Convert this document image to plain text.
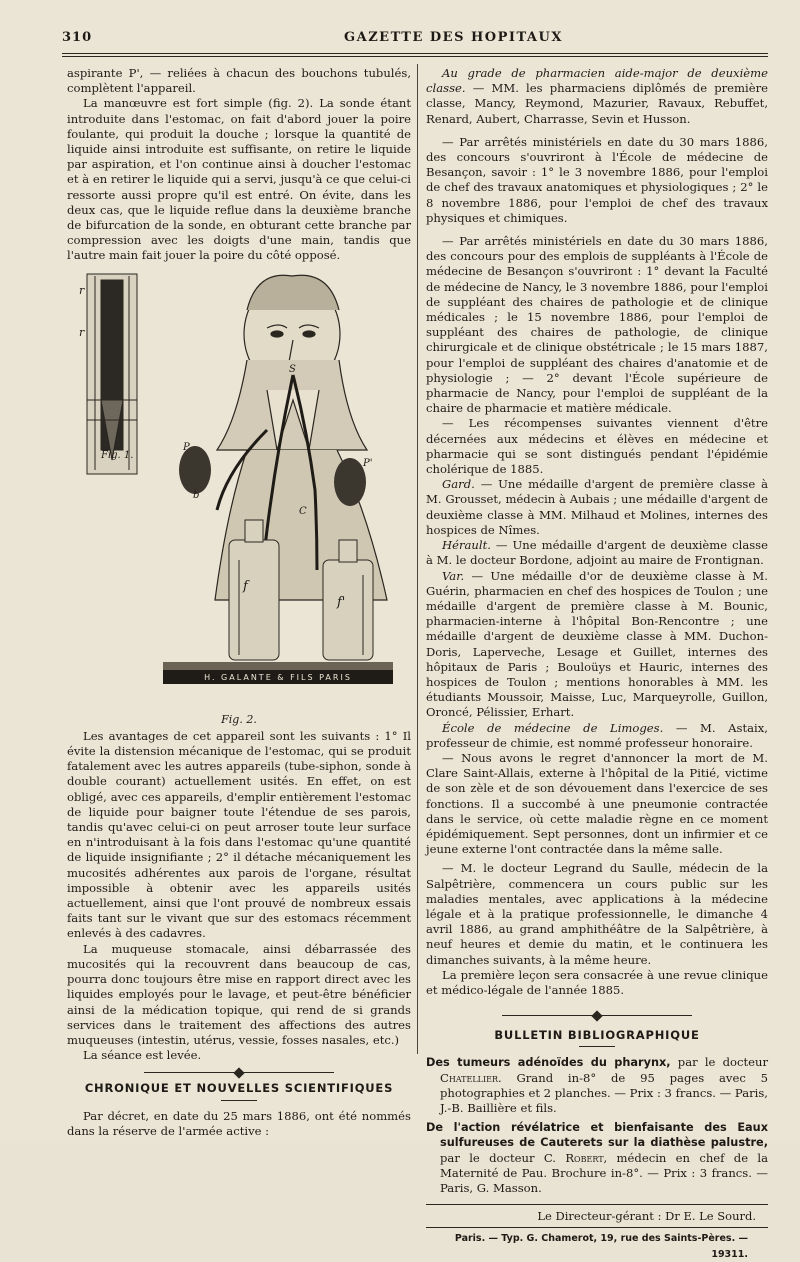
310	GAZETTE DES HOPITAUX

aspirante P', — reliées à chacun des bouchons tubulés, complètent l'appareil.

La manœuvre est fort simple (fig. 2). La sonde étant introduite dans l'estomac, on fait d'abord jouer la poire foulante, qui produit la douche ; lorsque la quantité de liquide ainsi introduite est suffisante, on retire le liquide par aspiration, et l'on continue ainsi à doucher l'estomac et à en retirer le liquide qui a servi, jusqu'à ce que celui-ci ressorte aussi propre qu'il est entré. On évite, dans les deux cas, que le liquide reflue dans la deuxième branche de bifurcation de la sonde, en obturant cette branche par compression avec les doigts d'une main, tandis que l'autre main fait jouer la poire du côté opposé.

r
r
Fig. 1.
S
P
P'
C
b
f
f'
H. GALANTE & FILS PARIS
Fig. 2.

Les avantages de cet appareil sont les suivants : 1° Il évite la distension mécanique de l'estomac, qui se produit fatalement avec les autres appareils (tube-siphon, sonde à double courant) actuellement usités. En effet, on est obligé, avec ces appareils, d'emplir entièrement l'estomac de liquide pour baigner toute l'étendue de ses parois, tandis qu'avec celui-ci on peut arroser toute leur surface en n'introduisant à la fois dans l'estomac qu'une quantité de liquide insignifiante ; 2° il détache mécaniquement les mucosités adhérentes aux parois de l'organe, résultat impossible à obtenir avec les appareils usités actuellement, ainsi que l'ont prouvé de nombreux essais faits tant sur le vivant que sur des estomacs récemment enlevés à des cadavres.

La muqueuse stomacale, ainsi débarrassée des mucosités qui la recouvrent dans beaucoup de cas, pourra donc toujours être mise en rapport direct avec les liquides employés pour le lavage, et peut-être bénéficier ainsi de la médication topique, qui rend de si grands services dans le traitement des affections des autres muqueuses (intestin, utérus, vessie, fosses nasales, etc.)

La séance est levée.

CHRONIQUE ET NOUVELLES SCIENTIFIQUES

Par décret, en date du 25 mars 1886, ont été nommés dans la réserve de l'armée active :

Au grade de pharmacien aide-major de deuxième classe. — MM. les pharmaciens diplômés de première classe, Mancy, Reymond, Mazurier, Ravaux, Rebuffet, Renard, Aubert, Charrasse, Sevin et Husson.

— Par arrêtés ministériels en date du 30 mars 1886, des concours s'ouvriront à l'École de médecine de Besançon, savoir : 1° le 3 novembre 1886, pour l'emploi de chef des travaux anatomiques et physiologiques ; 2° le 8 novembre 1886, pour l'emploi de chef des travaux physiques et chimiques.

— Par arrêtés ministériels en date du 30 mars 1886, des concours pour des emplois de suppléants à l'École de médecine de Besançon s'ouvriront : 1° devant la Faculté de médecine de Nancy, le 3 novembre 1886, pour l'emploi de suppléant des chaires de pathologie et de clinique médicales ; le 15 novembre 1886, pour l'emploi de suppléant des chaires de pathologie, de clinique chirurgicale et de clinique obstétricale ; le 15 mars 1887, pour l'emploi de suppléant des chaires d'anatomie et de physiologie ; — 2° devant l'École supérieure de pharmacie de Nancy, pour l'emploi de suppléant de la chaire de pharmacie et matière médicale.

— Les récompenses suivantes viennent d'être décernées aux médecins et élèves en médecine et pharmacie qui se sont distingués pendant l'épidémie cholérique de 1885.

Gard. — Une médaille d'argent de première classe à M. Grousset, médecin à Aubais ; une médaille d'argent de deuxième classe à MM. Milhaud et Molines, internes des hospices de Nîmes.

Hérault. — Une médaille d'argent de deuxième classe à M. le docteur Bordone, adjoint au maire de Frontignan.

Var. — Une médaille d'or de deuxième classe à M. Guérin, pharmacien en chef des hospices de Toulon ; une médaille d'argent de première classe à M. Bounic, pharmacien-interne à l'hôpital Bon-Rencontre ; une médaille d'argent de deuxième classe à MM. Duchon-Doris, Laperveche, Lesage et Guillet, internes des hôpitaux de Paris ; Bouloüys et Hauric, internes des hospices de Toulon ; mentions honorables à MM. les étudiants Moussoir, Maisse, Luc, Marqueyrolle, Guillon, Oroncé, Pélissier, Erhart.

École de médecine de Limoges. — M. Astaix, professeur de chimie, est nommé professeur honoraire.

— Nous avons le regret d'annoncer la mort de M. Clare Saint-Allais, externe à l'hôpital de la Pitié, victime de son zèle et de son dévouement dans l'exercice de ses fonctions. Il a succombé à une pneumonie contractée dans le service, où cette maladie règne en ce moment épidémiquement. Sept personnes, dont un infirmier et ce jeune externe l'ont contractée dans la même salle.

— M. le docteur Legrand du Saulle, médecin de la Salpêtrière, commencera un cours public sur les maladies mentales, avec applications à la médecine légale et à la pratique professionnelle, le dimanche 4 avril 1886, au grand amphithéâtre de la Salpêtrière, à neuf heures et demie du matin, et le continuera les dimanches suivants, à la même heure.

La première leçon sera consacrée à une revue clinique et médico-légale de l'année 1885.

BULLETIN BIBLIOGRAPHIQUE

Des tumeurs adénoïdes du pharynx, par le docteur Chatellier. Grand in-8° de 95 pages avec 5 photographies et 2 planches. — Prix : 3 francs. — Paris, J.-B. Baillière et fils.

De l'action révélatrice et bienfaisante des Eaux sulfureuses de Cauterets sur la diathèse palustre, par le docteur C. Robert, médecin en chef de la Maternité de Pau. Brochure in-8°. — Prix : 3 francs. — Paris, G. Masson.

Le Directeur-gérant : Dr E. Le Sourd.
Paris. — Typ. G. Chamerot, 19, rue des Saints-Pères. — 19311.
